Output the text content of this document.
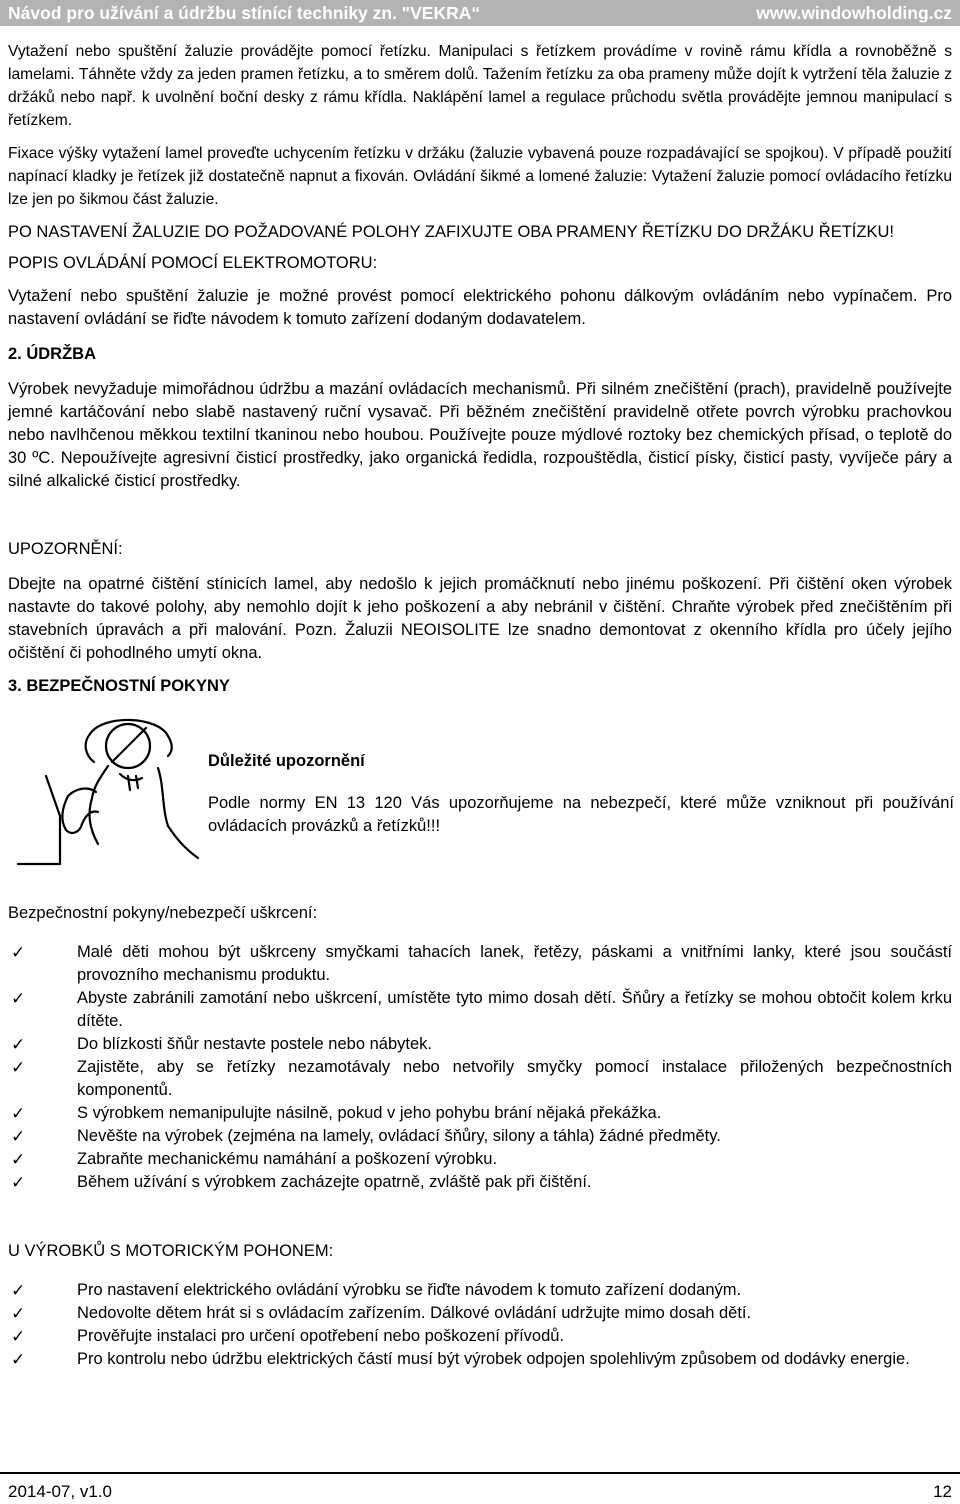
Návod pro užívání a údržbu stínící techniky zn. "VEKRA“	www.windowholding.cz

Vytažení nebo spuštění žaluzie provádějte pomocí řetízku. Manipulaci s řetízkem provádíme v rovině rámu křídla a rovnoběžně s lamelami. Táhněte vždy za jeden pramen řetízku, a to směrem dolů. Tažením řetízku za oba prameny může dojít k vytržení těla žaluzie z držáků nebo např. k uvolnění boční desky z rámu křídla. Naklápění lamel a regulace průchodu světla provádějte jemnou manipulací s řetízkem.

Fixace výšky vytažení lamel proveďte uchycením řetízku v držáku (žaluzie vybavená pouze rozpadávající se spojkou). V případě použití napínací kladky je řetízek již dostatečně napnut a fixován. Ovládání šikmé a lomené žaluzie: Vytažení žaluzie pomocí ovládacího řetízku lze jen po šikmou část žaluzie.

PO NASTAVENÍ ŽALUZIE DO POŽADOVANÉ POLOHY ZAFIXUJTE OBA PRAMENY ŘETÍZKU DO DRŽÁKU ŘETÍZKU!

POPIS OVLÁDÁNÍ POMOCÍ ELEKTROMOTORU:

Vytažení nebo spuštění žaluzie je možné provést pomocí elektrického pohonu dálkovým ovládáním nebo vypínačem. Pro nastavení ovládání se řiďte návodem k tomuto zařízení dodaným dodavatelem.

2. ÚDRŽBA

Výrobek nevyžaduje mimořádnou údržbu a mazání ovládacích mechanismů. Při silném znečištění (prach), pravidelně používejte jemné kartáčování nebo slabě nastavený ruční vysavač. Při běžném znečištění pravidelně otřete povrch výrobku prachovkou nebo navlhčenou měkkou textilní tkaninou nebo houbou. Používejte pouze mýdlové roztoky bez chemických přísad, o teplotě do 30 ºC. Nepoužívejte agresivní čisticí prostředky, jako organická ředidla, rozpouštědla, čisticí písky, čisticí pasty, vyvíječe páry a silné alkalické čisticí prostředky.

UPOZORNĚNÍ:

Dbejte na opatrné čištění stínicích lamel, aby nedošlo k jejich promáčknutí nebo jinému poškození. Při čištění oken výrobek nastavte do takové polohy, aby nemohlo dojít k jeho poškození a aby nebránil v čištění. Chraňte výrobek před znečištěním při stavebních úpravách a při malování. Pozn. Žaluzii NEOISOLITE lze snadno demontovat z okenního křídla pro účely jejího očištění či pohodlného umytí okna.

3. BEZPEČNOSTNÍ POKYNY

Důležité upozornění

Podle normy EN 13 120 Vás upozorňujeme na nebezpečí, které může vzniknout při používání ovládacích provázků a řetízků!!!

Bezpečnostní pokyny/nebezpečí uškrcení:

✓	Malé děti mohou být uškrceny smyčkami tahacích lanek, řetězy, páskami a vnitřními lanky, které jsou součástí provozního mechanismu produktu.
✓	Abyste zabránili zamotání nebo uškrcení, umístěte tyto mimo dosah dětí. Šňůry a řetízky se mohou obtočit kolem krku dítěte.
✓	Do blízkosti šňůr nestavte postele nebo nábytek.
✓	Zajistěte, aby se řetízky nezamotávaly nebo netvořily smyčky pomocí instalace přiložených bezpečnostních komponentů.
✓	S výrobkem nemanipulujte násilně, pokud v jeho pohybu brání nějaká překážka.
✓	Nevěšte na výrobek (zejména na lamely, ovládací šňůry, silony a táhla) žádné předměty.
✓	Zabraňte mechanickému namáhání a poškození výrobku.
✓	Během užívání s výrobkem zacházejte opatrně, zvláště pak při čištění.

U VÝROBKŮ S MOTORICKÝM POHONEM:

✓	Pro nastavení elektrického ovládání výrobku se řiďte návodem k tomuto zařízení dodaným.
✓	Nedovolte dětem hrát si s ovládacím zařízením. Dálkové ovládání udržujte mimo dosah dětí.
✓	Prověřujte instalaci pro určení opotřebení nebo poškození přívodů.
✓	Pro kontrolu nebo údržbu elektrických částí musí být výrobek odpojen spolehlivým způsobem od dodávky energie.
2014-07, v1.0	12
